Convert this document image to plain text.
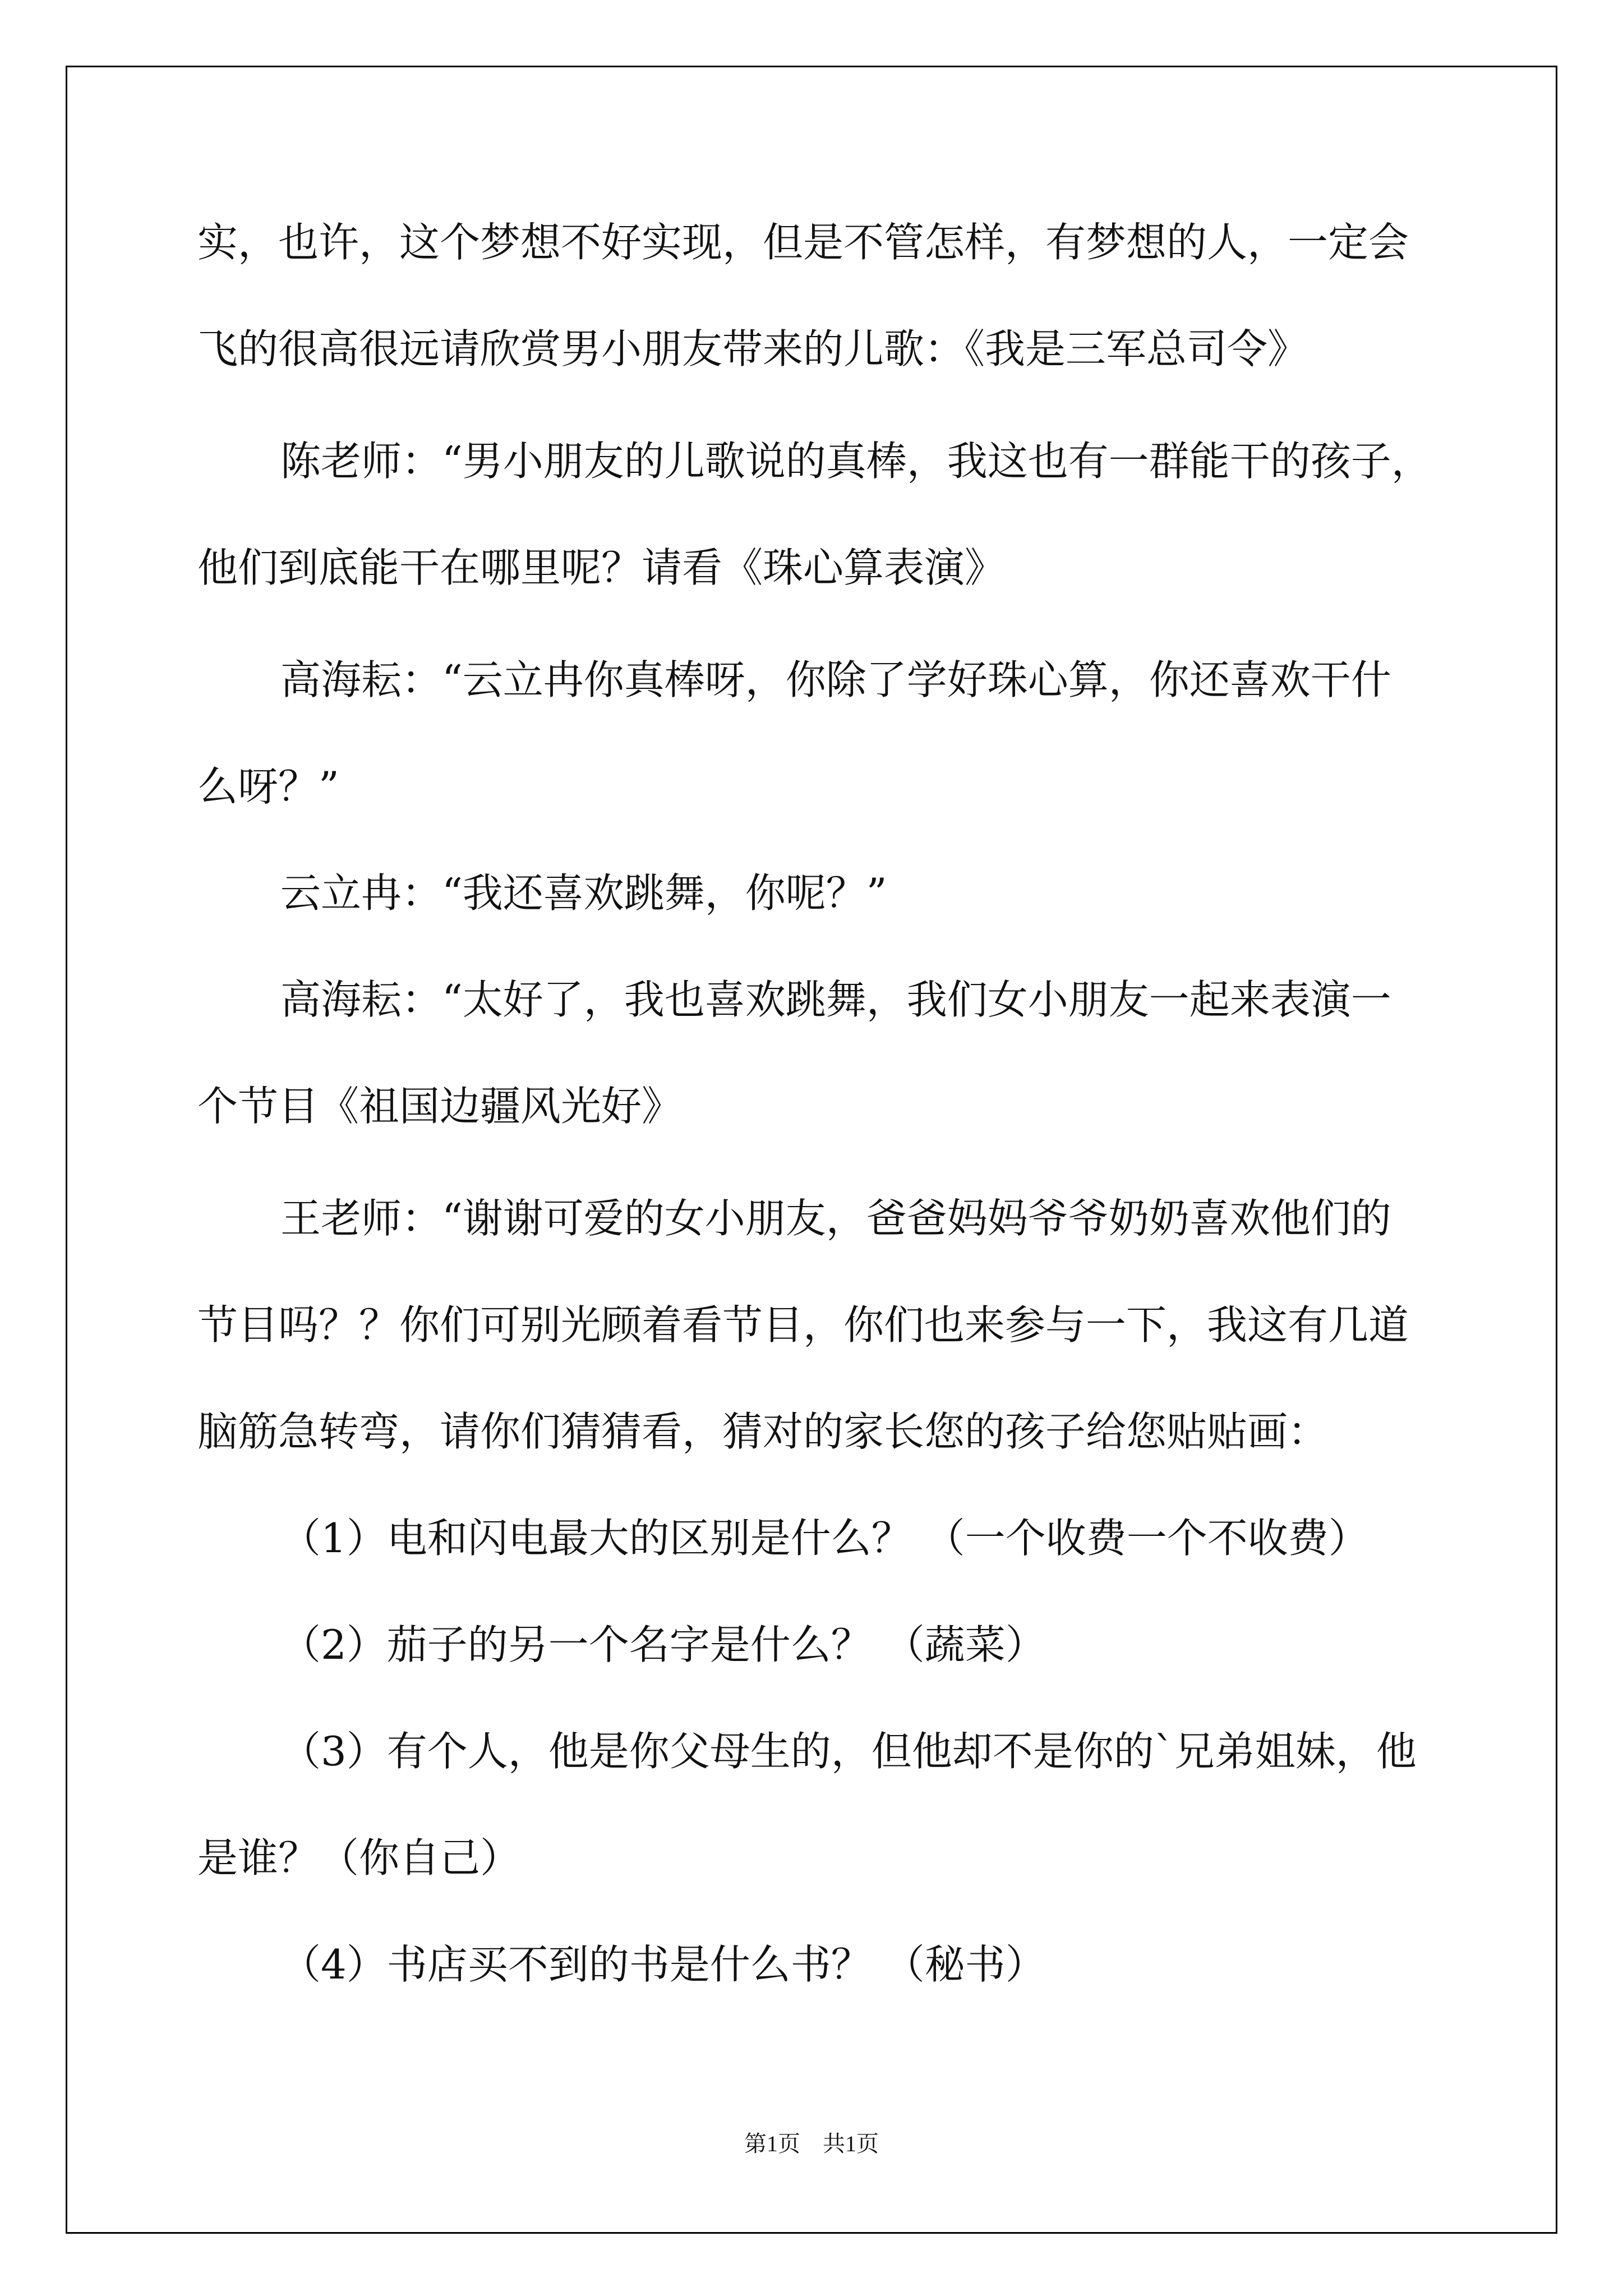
实，也许，这个梦想不好实现，但是不管怎样，有梦想的人，一定会

飞的很高很远请欣赏男小朋友带来的儿歌：《我是三军总司令》

陈老师：“男小朋友的儿歌说的真棒，我这也有一群能干的孩子，

他们到底能干在哪里呢？请看《珠心算表演》

高海耘：“云立冉你真棒呀，你除了学好珠心算，你还喜欢干什

么呀？”

云立冉：“我还喜欢跳舞，你呢？”

高海耘：“太好了，我也喜欢跳舞，我们女小朋友一起来表演一

个节目《祖国边疆风光好》

王老师：“谢谢可爱的女小朋友，爸爸妈妈爷爷奶奶喜欢他们的

节目吗？？你们可别光顾着看节目，你们也来参与一下，我这有几道

脑筋急转弯，请你们猜猜看，猜对的家长您的孩子给您贴贴画：

（1）电和闪电最大的区别是什么？ （一个收费一个不收费）

（2）茄子的另一个名字是什么？ （蔬菜）

（3）有个人，他是你父母生的，但他却不是你的`兄弟姐妹，他

是谁？（你自己）

（4）书店买不到的书是什么书？ （秘书）

第1页 共1页
